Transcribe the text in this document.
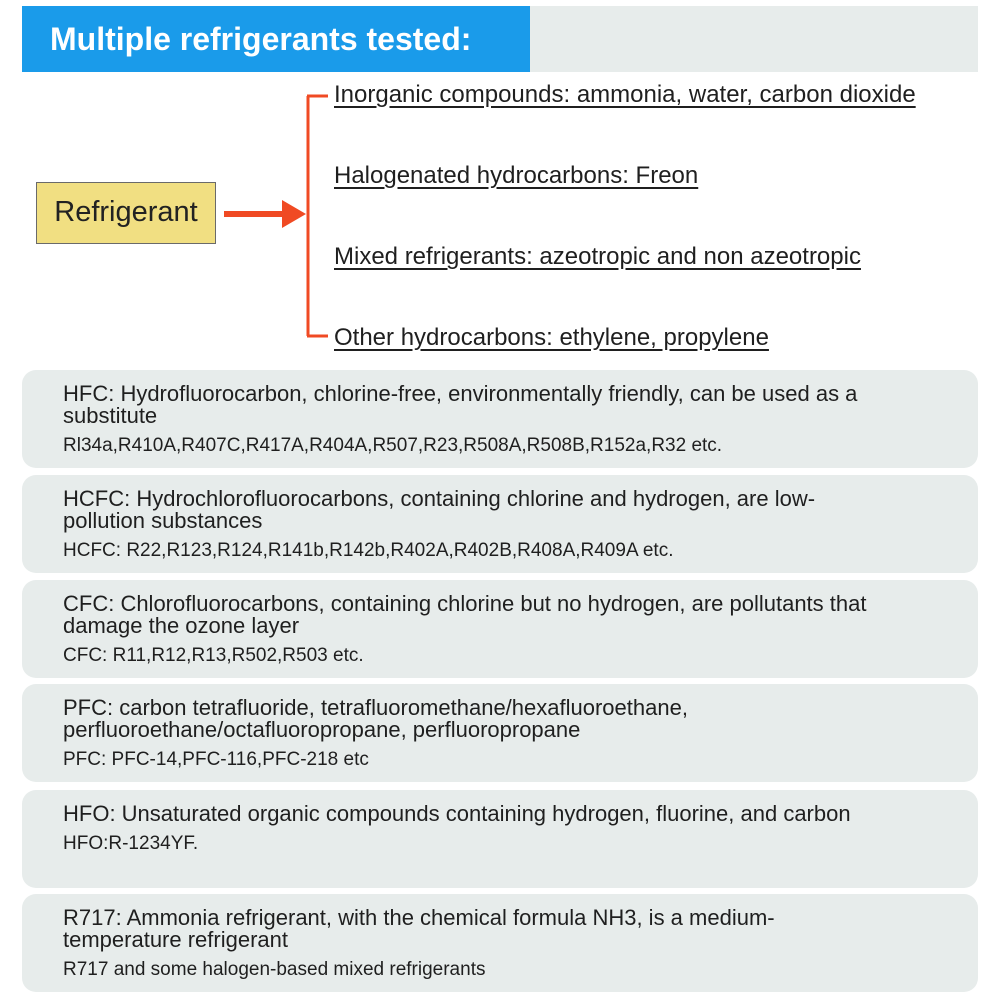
Multiple refrigerants tested:
Refrigerant
Inorganic compounds: ammonia, water, carbon dioxide
Halogenated hydrocarbons: Freon
Mixed refrigerants: azeotropic and non azeotropic
Other hydrocarbons: ethylene, propylene
HFC: Hydrofluorocarbon, chlorine-free, environmentally friendly, can be used as a substitute
Rl34a,R410A,R407C,R417A,R404A,R507,R23,R508A,R508B,R152a,R32 etc.
HCFC: Hydrochlorofluorocarbons, containing chlorine and hydrogen, are low-pollution substances
HCFC: R22,R123,R124,R141b,R142b,R402A,R402B,R408A,R409A etc.
CFC: Chlorofluorocarbons, containing chlorine but no hydrogen, are pollutants that damage the ozone layer
CFC: R11,R12,R13,R502,R503 etc.
PFC: carbon tetrafluoride, tetrafluoromethane/hexafluoroethane, perfluoroethane/octafluoropropane, perfluoropropane
PFC: PFC-14,PFC-116,PFC-218 etc
HFO: Unsaturated organic compounds containing hydrogen, fluorine, and carbon
HFO:R-1234YF.
R717: Ammonia refrigerant, with the chemical formula NH3, is a medium-temperature refrigerant
R717 and some halogen-based mixed refrigerants
